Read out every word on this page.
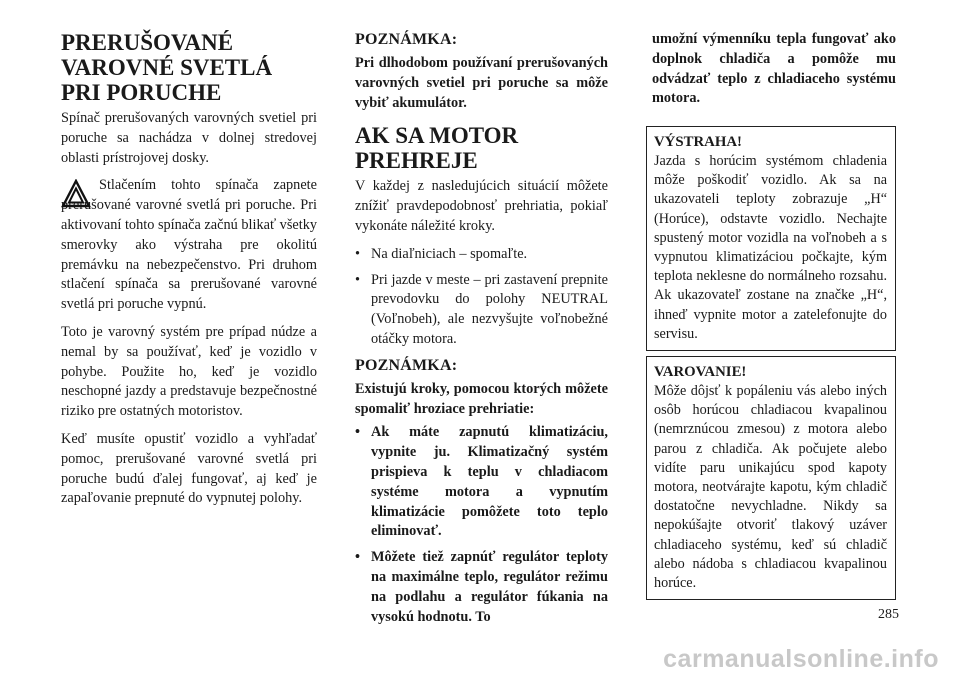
PRERUŠOVANÉ VAROVNÉ SVETLÁ PRI PORUCHE

Spínač prerušovaných varovných svetiel pri poruche sa nachádza v dolnej stredovej oblasti prístrojovej dosky.

Stlačením tohto spínača zapnete prerušované varovné svetlá pri poruche. Pri aktivovaní tohto spínača začnú blikať všetky smerovky ako výstraha pre okolitú premávku na nebezpečenstvo. Pri druhom stlačení spínača sa prerušované varovné svetlá pri poruche vypnú.

Toto je varovný systém pre prípad núdze a nemal by sa používať, keď je vozidlo v pohybe. Použite ho, keď je vozidlo neschopné jazdy a predstavuje bezpečnostné riziko pre ostatných motoristov.

Keď musíte opustiť vozidlo a vyhľadať pomoc, prerušované varovné svetlá pri poruche budú ďalej fungovať, aj keď je zapaľovanie prepnuté do vypnutej polohy.

POZNÁMKA:

Pri dlhodobom používaní prerušovaných varovných svetiel pri poruche sa môže vybiť akumulátor.

AK SA MOTOR PREHREJE

V každej z nasledujúcich situácií môžete znížiť pravdepodobnosť prehriatia, pokiaľ vykonáte náležité kroky.

• Na diaľniciach – spomaľte.
• Pri jazde v meste – pri zastavení prepnite prevodovku do polohy NEUTRAL (Voľnobeh), ale nezvyšujte voľnobežné otáčky motora.
POZNÁMKA:

Existujú kroky, pomocou ktorých môžete spomaliť hroziace prehriatie:

• Ak máte zapnutú klimatizáciu, vypnite ju. Klimatizačný systém prispieva k teplu v chladiacom systéme motora a vypnutím klimatizácie pomôžete toto teplo eliminovať.
• Môžete tiež zapnúť regulátor teploty na maximálne teplo, regulátor režimu na podlahu a regulátor fúkania na vysokú hodnotu. To

umožní výmenníku tepla fungovať ako doplnok chladiča a pomôže mu odvádzať teplo z chladiaceho systému motora.

VÝSTRAHA!

Jazda s horúcim systémom chladenia môže poškodiť vozidlo. Ak sa na ukazovateli teploty zobrazuje „H“ (Horúce), odstavte vozidlo. Nechajte spustený motor vozidla na voľnobeh a s vypnutou klimatizáciou počkajte, kým teplota neklesne do normálneho rozsahu. Ak ukazovateľ zostane na značke „H“, ihneď vypnite motor a zatelefonujte do servisu.

VAROVANIE!

Môže dôjsť k popáleniu vás alebo iných osôb horúcou chladiacou kvapalinou (nemrznúcou zmesou) z motora alebo parou z chladiča. Ak počujete alebo vidíte paru unikajúcu spod kapoty motora, neotvárajte kapotu, kým chladič dostatočne nevychladne. Nikdy sa nepokúšajte otvoriť tlakový uzáver chladiaceho systému, keď sú chladič alebo nádoba s chladiacou kvapalinou horúce.

285
carmanualsonline.info
